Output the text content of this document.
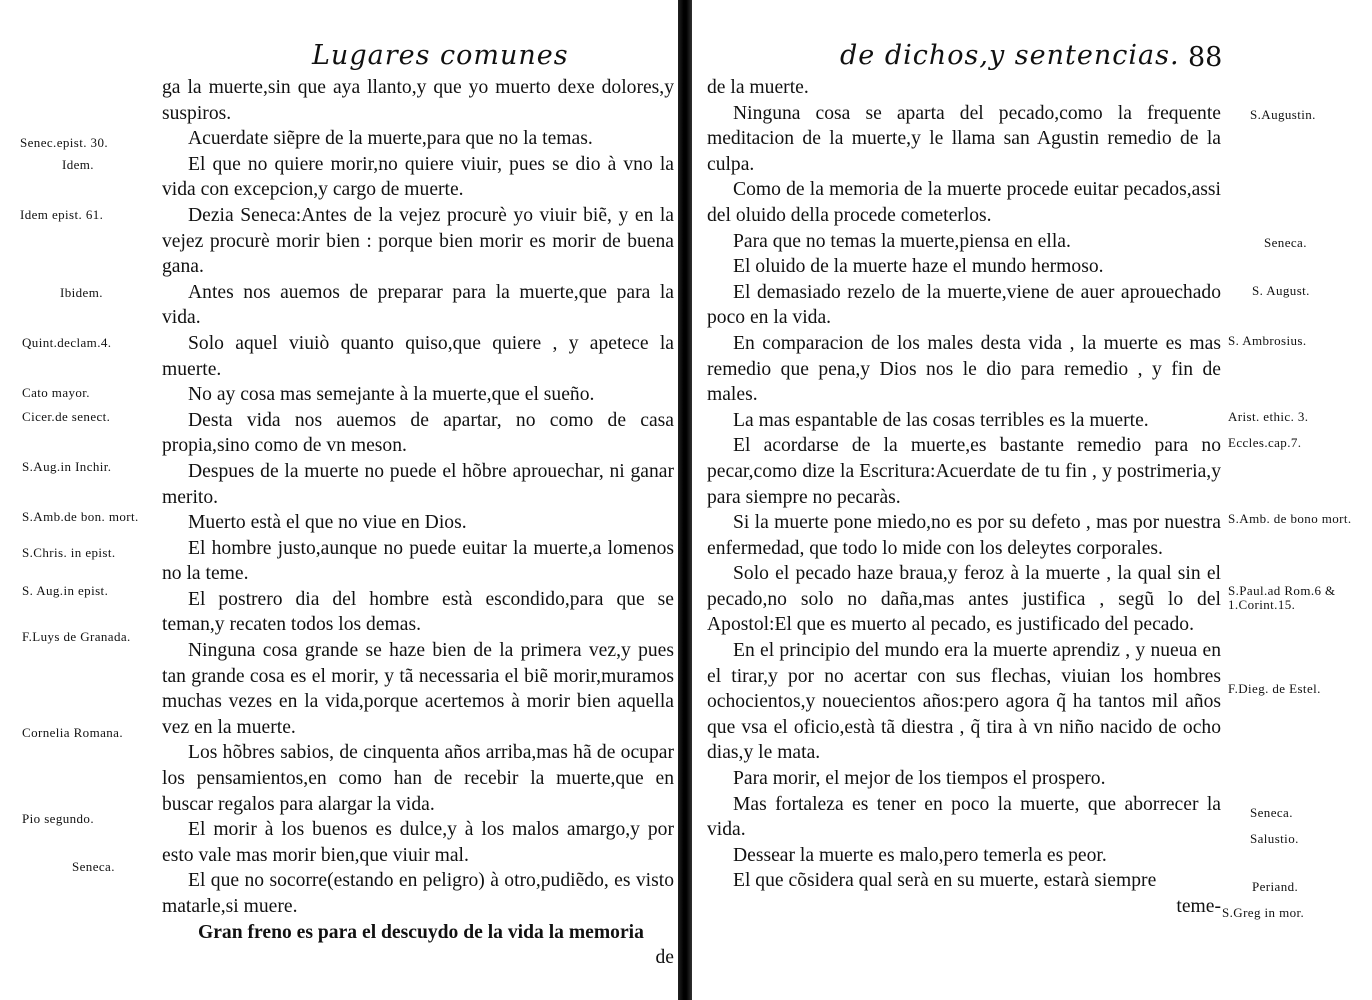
Lugares comunes

ga la muerte,sin que aya llanto,y que yo muerto dexe dolores,y suspiros.

Acuerdate siẽpre de la muerte,para que no la temas.

El que no quiere morir,no quiere viuir, pues se dio à vno la vida con excepcion,y cargo de muerte.

Dezia Seneca:Antes de la vejez procurè yo viuir biẽ, y en la vejez procurè morir bien : porque bien morir es morir de buena gana.

Antes nos auemos de preparar para la muerte,que para la vida.

Solo aquel viuiò quanto quiso,que quiere , y apetece la muerte.

No ay cosa mas semejante à la muerte,que el sueño.

Desta vida nos auemos de apartar, no como de casa propia,sino como de vn meson.

Despues de la muerte no puede el hõbre aprouechar, ni ganar merito.

Muerto està el que no viue en Dios.

El hombre justo,aunque no puede euitar la muerte,a lomenos no la teme.

El postrero dia del hombre està escondido,para que se teman,y recaten todos los demas.

Ninguna cosa grande se haze bien de la primera vez,y pues tan grande cosa es el morir, y tã necessaria el biẽ morir,muramos muchas vezes en la vida,porque acertemos à morir bien aquella vez en la muerte.

Los hõbres sabios, de cinquenta años arriba,mas hã de ocupar los pensamientos,en como han de recebir la muerte,que en buscar regalos para alargar la vida.

El morir à los buenos es dulce,y à los malos amargo,y por esto vale mas morir bien,que viuir mal.

El que no socorre(estando en peligro) à otro,pudiẽdo, es visto matarle,si muere.

Gran freno es para el descuydo de la vida la memoria

de

Senec.epist. 30.
Idem.
Idem epist. 61.
Ibidem.
Quint.declam.4.
Cato mayor.
Cicer.de senect.
S.Aug.in Inchir.
S.Amb.de bon. mort.
S.Chris. in epist.
S. Aug.in epist.
F.Luys de Granada.
Cornelia Romana.
Pio segundo.
Seneca.
de dichos,y sentencias. 88

de la muerte.

Ninguna cosa se aparta del pecado,como la frequente meditacion de la muerte,y le llama san Agustin remedio de la culpa.

Como de la memoria de la muerte procede euitar pecados,assi del oluido della procede cometerlos.

Para que no temas la muerte,piensa en ella.

El oluido de la muerte haze el mundo hermoso.

El demasiado rezelo de la muerte,viene de auer aprouechado poco en la vida.

En comparacion de los males desta vida , la muerte es mas remedio que pena,y Dios nos le dio para remedio , y fin de males.

La mas espantable de las cosas terribles es la muerte.

El acordarse de la muerte,es bastante remedio para no pecar,como dize la Escritura:Acuerdate de tu fin , y postrimeria,y para siempre no pecaràs.

Si la muerte pone miedo,no es por su defeto , mas por nuestra enfermedad, que todo lo mide con los deleytes corporales.

Solo el pecado haze braua,y feroz à la muerte , la qual sin el pecado,no solo no daña,mas antes justifica , segũ lo del Apostol:El que es muerto al pecado, es justificado del pecado.

En el principio del mundo era la muerte aprendiz , y nueua en el tirar,y por no acertar con sus flechas, viuian los hombres ochocientos,y nouecientos años:pero agora q̃ ha tantos mil años que vsa el oficio,està tã diestra , q̃ tira à vn niño nacido de ocho dias,y le mata.

Para morir, el mejor de los tiempos el prospero.

Mas fortaleza es tener en poco la muerte, que aborrecer la vida.

Dessear la muerte es malo,pero temerla es peor.

El que cõsidera qual serà en su muerte, estarà siempre

teme-

S.Augustin.
Seneca.
S. August.
S. Ambrosius.
Arist. ethic. 3.
Eccles.cap.7.
S.Amb. de bono mort.
S.Paul.ad Rom.6 & 1.Corint.15.
F.Dieg. de Estel.
Seneca.
Salustio.
Periand.
S.Greg in mor.
